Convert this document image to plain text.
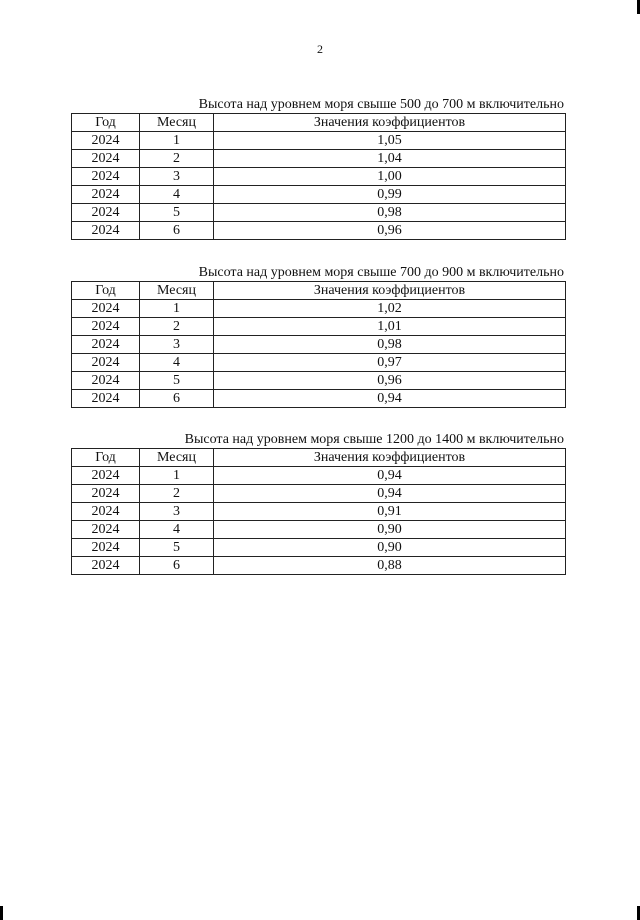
2
Высота над уровнем моря свыше 500 до 700 м включительно
Год	Месяц	Значения коэффициентов
2024	1	1,05
2024	2	1,04
2024	3	1,00
2024	4	0,99
2024	5	0,98
2024	6	0,96
Высота над уровнем моря свыше 700 до 900 м включительно
Год	Месяц	Значения коэффициентов
2024	1	1,02
2024	2	1,01
2024	3	0,98
2024	4	0,97
2024	5	0,96
2024	6	0,94
Высота над уровнем моря свыше 1200 до 1400 м включительно
Год	Месяц	Значения коэффициентов
2024	1	0,94
2024	2	0,94
2024	3	0,91
2024	4	0,90
2024	5	0,90
2024	6	0,88
